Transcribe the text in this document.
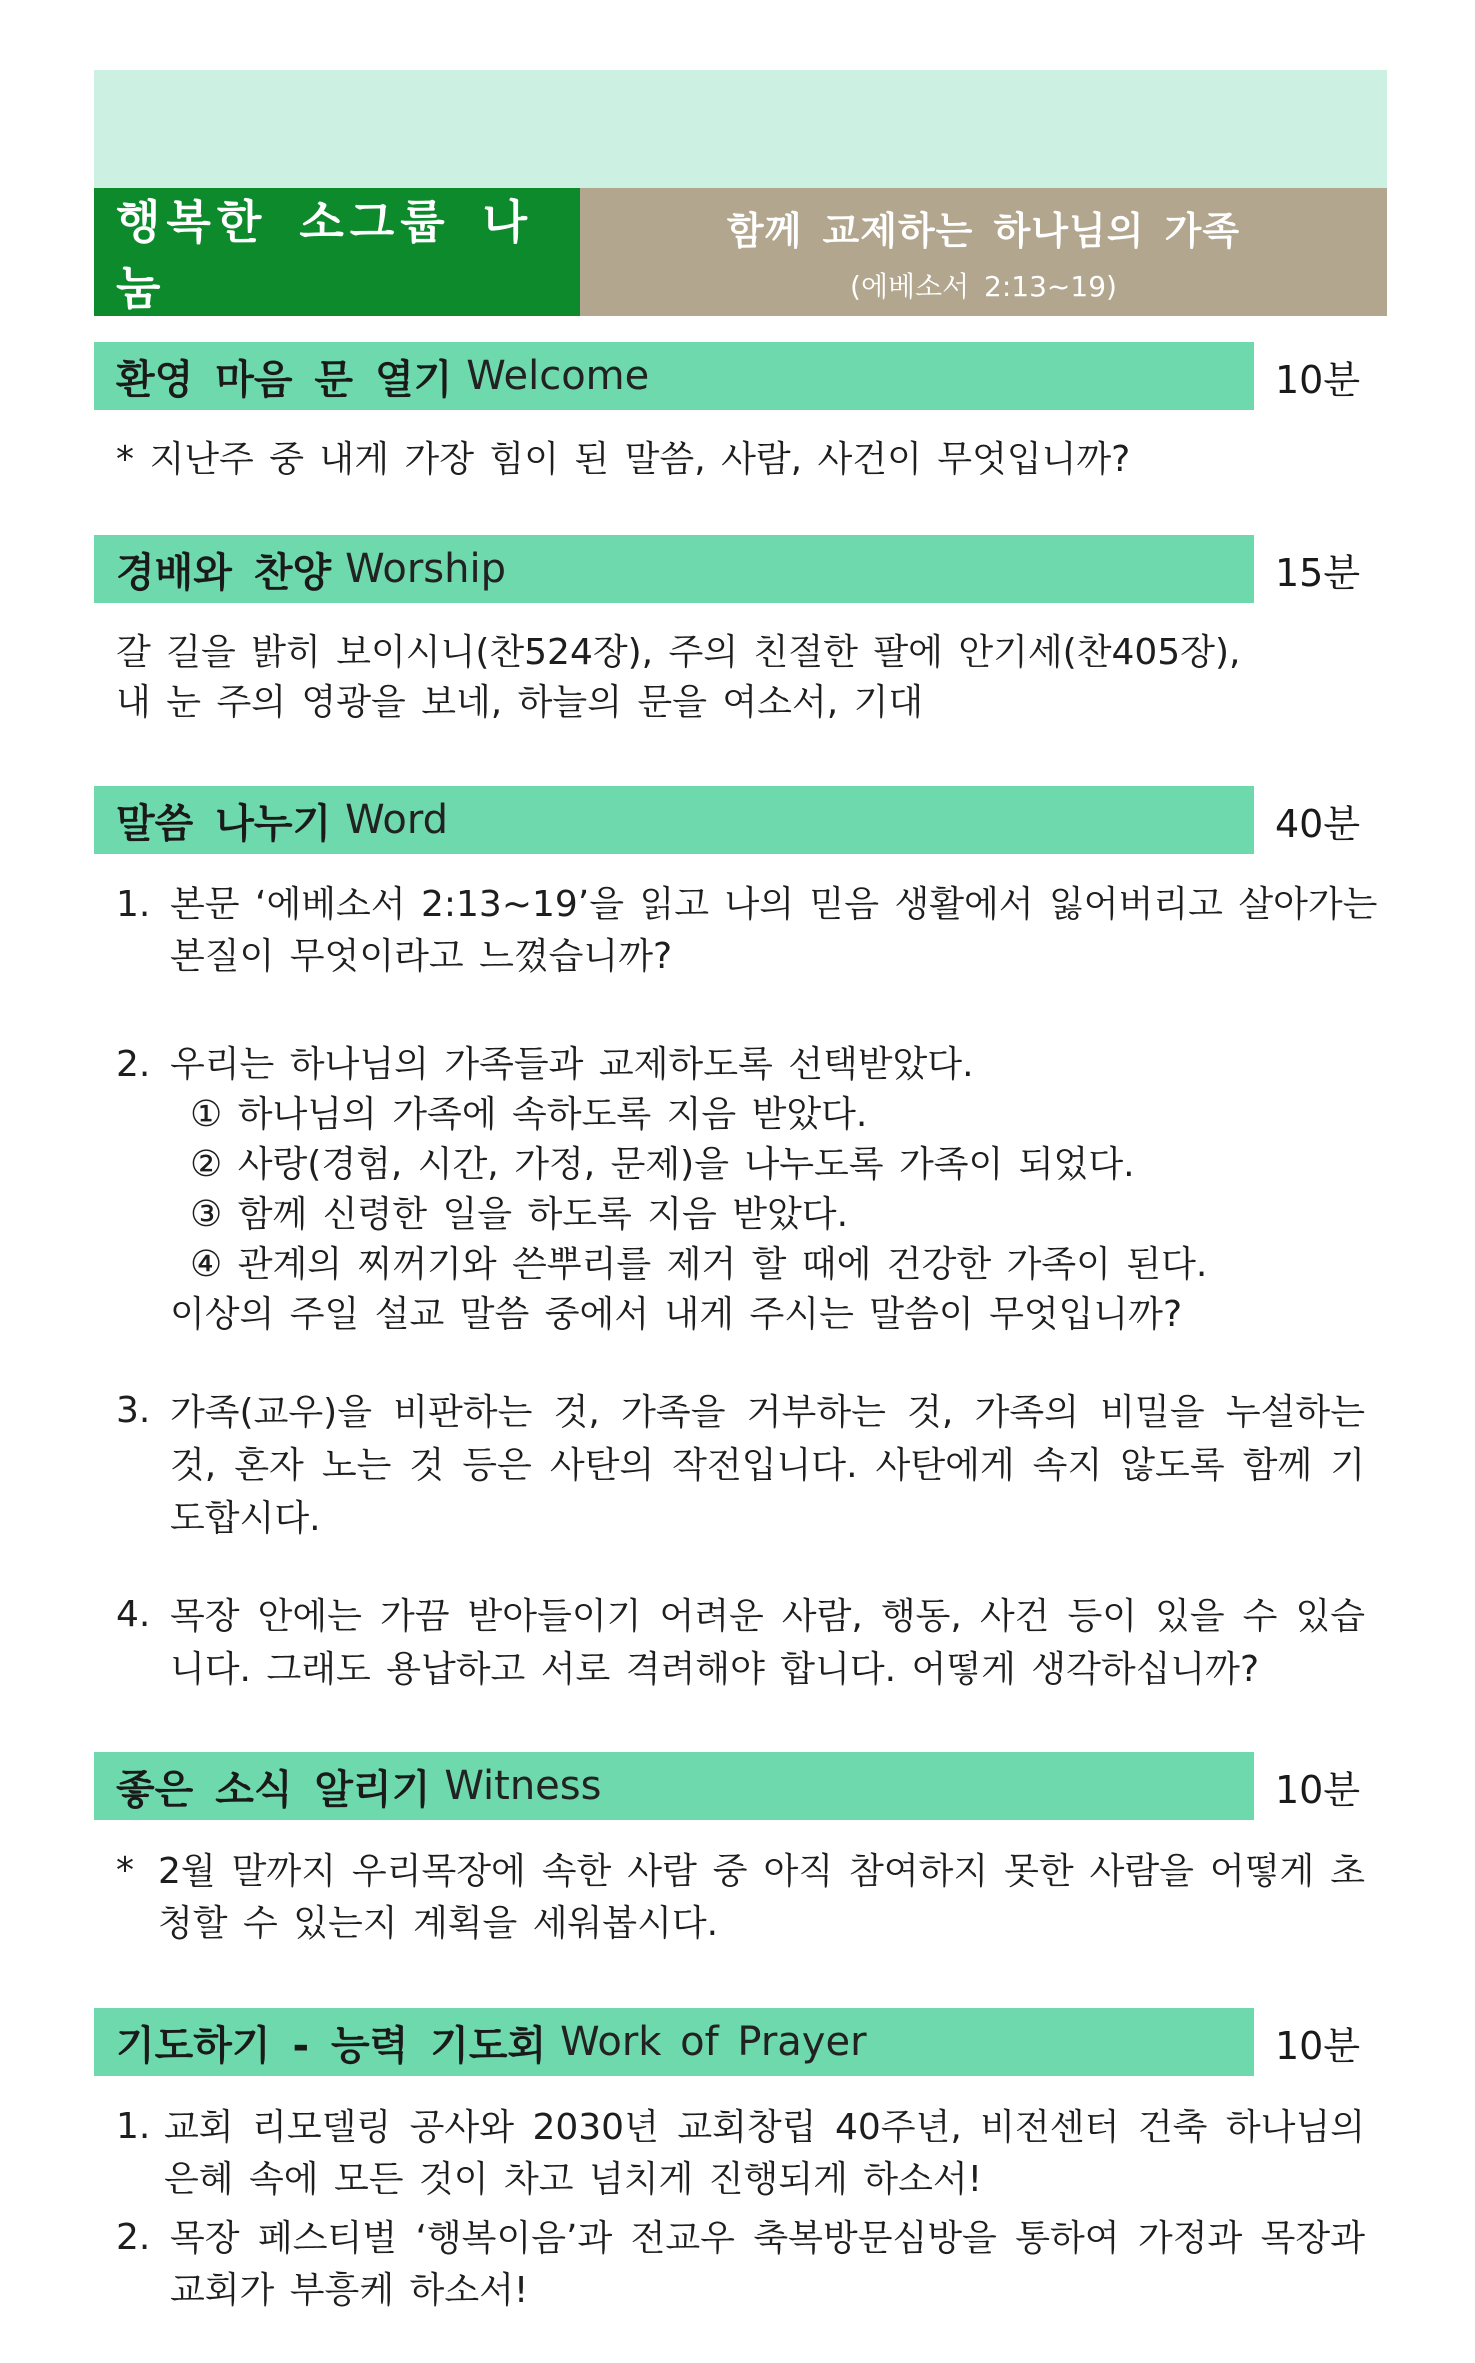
행복한 소그룹 나눔
함께 교제하는 하나님의 가족
(에베소서 2:13~19)
환영 마음 문 열기 Welcome	10분
* 지난주 중 내게 가장 힘이 된 말씀, 사람, 사건이 무엇입니까?
경배와 찬양 Worship	15분
갈 길을 밝히 보이시니(찬524장), 주의 친절한 팔에 안기세(찬405장),
내 눈 주의 영광을 보네, 하늘의 문을 여소서, 기대
말씀 나누기 Word	40분
1. 본문 ‘에베소서 2:13~19’을 읽고 나의 믿음 생활에서 잃어버리고 살아가는
본질이 무엇이라고 느꼈습니까?
2. 우리는 하나님의 가족들과 교제하도록 선택받았다.
① 하나님의 가족에 속하도록 지음 받았다.
② 사랑(경험, 시간, 가정, 문제)을 나누도록 가족이 되었다.
③ 함께 신령한 일을 하도록 지음 받았다.
④ 관계의 찌꺼기와 쓴뿌리를 제거 할 때에 건강한 가족이 된다.
이상의 주일 설교 말씀 중에서 내게 주시는 말씀이 무엇입니까?
3. 가족(교우)을 비판하는 것, 가족을 거부하는 것, 가족의 비밀을 누설하는 것, 혼자 노는 것 등은 사탄의 작전입니다. 사탄에게 속지 않도록 함께 기도합시다.
4. 목장 안에는 가끔 받아들이기 어려운 사람, 행동, 사건 등이 있을 수 있습니다. 그래도 용납하고 서로 격려해야 합니다. 어떻게 생각하십니까?
좋은 소식 알리기 Witness	10분
* 2월 말까지 우리목장에 속한 사람 중 아직 참여하지 못한 사람을 어떻게 초청할 수 있는지 계획을 세워봅시다.
기도하기 - 능력 기도회 Work of Prayer	10분
1. 교회 리모델링 공사와 2030년 교회창립 40주년, 비전센터 건축 하나님의 은혜 속에 모든 것이 차고 넘치게 진행되게 하소서!
2. 목장 페스티벌 ‘행복이음’과 전교우 축복방문심방을 통하여 가정과 목장과 교회가 부흥케 하소서!
